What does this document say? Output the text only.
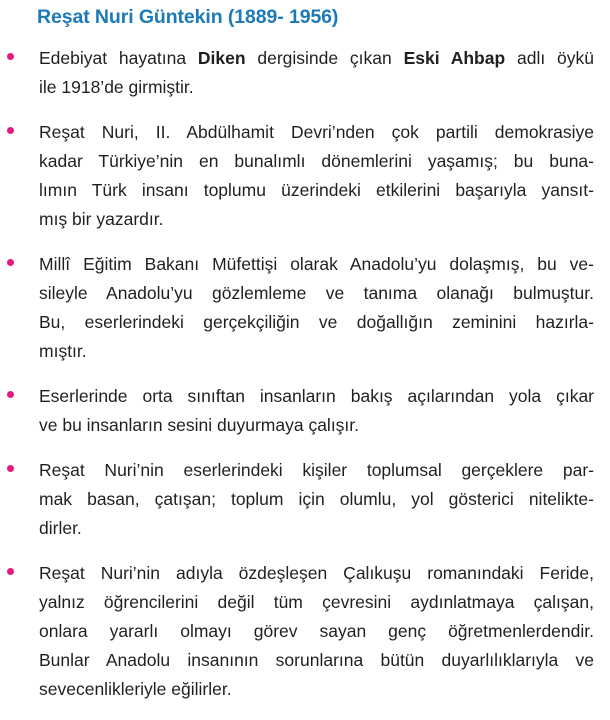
Reşat Nuri Güntekin (1889- 1956)
Edebiyat hayatına Diken dergisinde çıkan Eski Ahbap adlı öykü
ile 1918’de girmiştir.
Reşat Nuri, II. Abdülhamit Devri’nden çok partili demokrasiye
kadar Türkiye’nin en bunalımlı dönemlerini yaşamış; bu buna-
lımın Türk insanı toplumu üzerindeki etkilerini başarıyla yansıt-
mış bir yazardır.
Millî Eğitim Bakanı Müfettişi olarak Anadolu’yu dolaşmış, bu ve-
sileyle Anadolu’yu gözlemleme ve tanıma olanağı bulmuştur.
Bu, eserlerindeki gerçekçiliğin ve doğallığın zeminini hazırla-
mıştır.
Eserlerinde orta sınıftan insanların bakış açılarından yola çıkar
ve bu insanların sesini duyurmaya çalışır.
Reşat Nuri’nin eserlerindeki kişiler toplumsal gerçeklere par-
mak basan, çatışan; toplum için olumlu, yol gösterici nitelikte-
dirler.
Reşat Nuri’nin adıyla özdeşleşen Çalıkuşu romanındaki Feride,
yalnız öğrencilerini değil tüm çevresini aydınlatmaya çalışan,
onlara yararlı olmayı görev sayan genç öğretmenlerdendir.
Bunlar Anadolu insanının sorunlarına bütün duyarlılıklarıyla ve
sevecenlikleriyle eğilirler.
